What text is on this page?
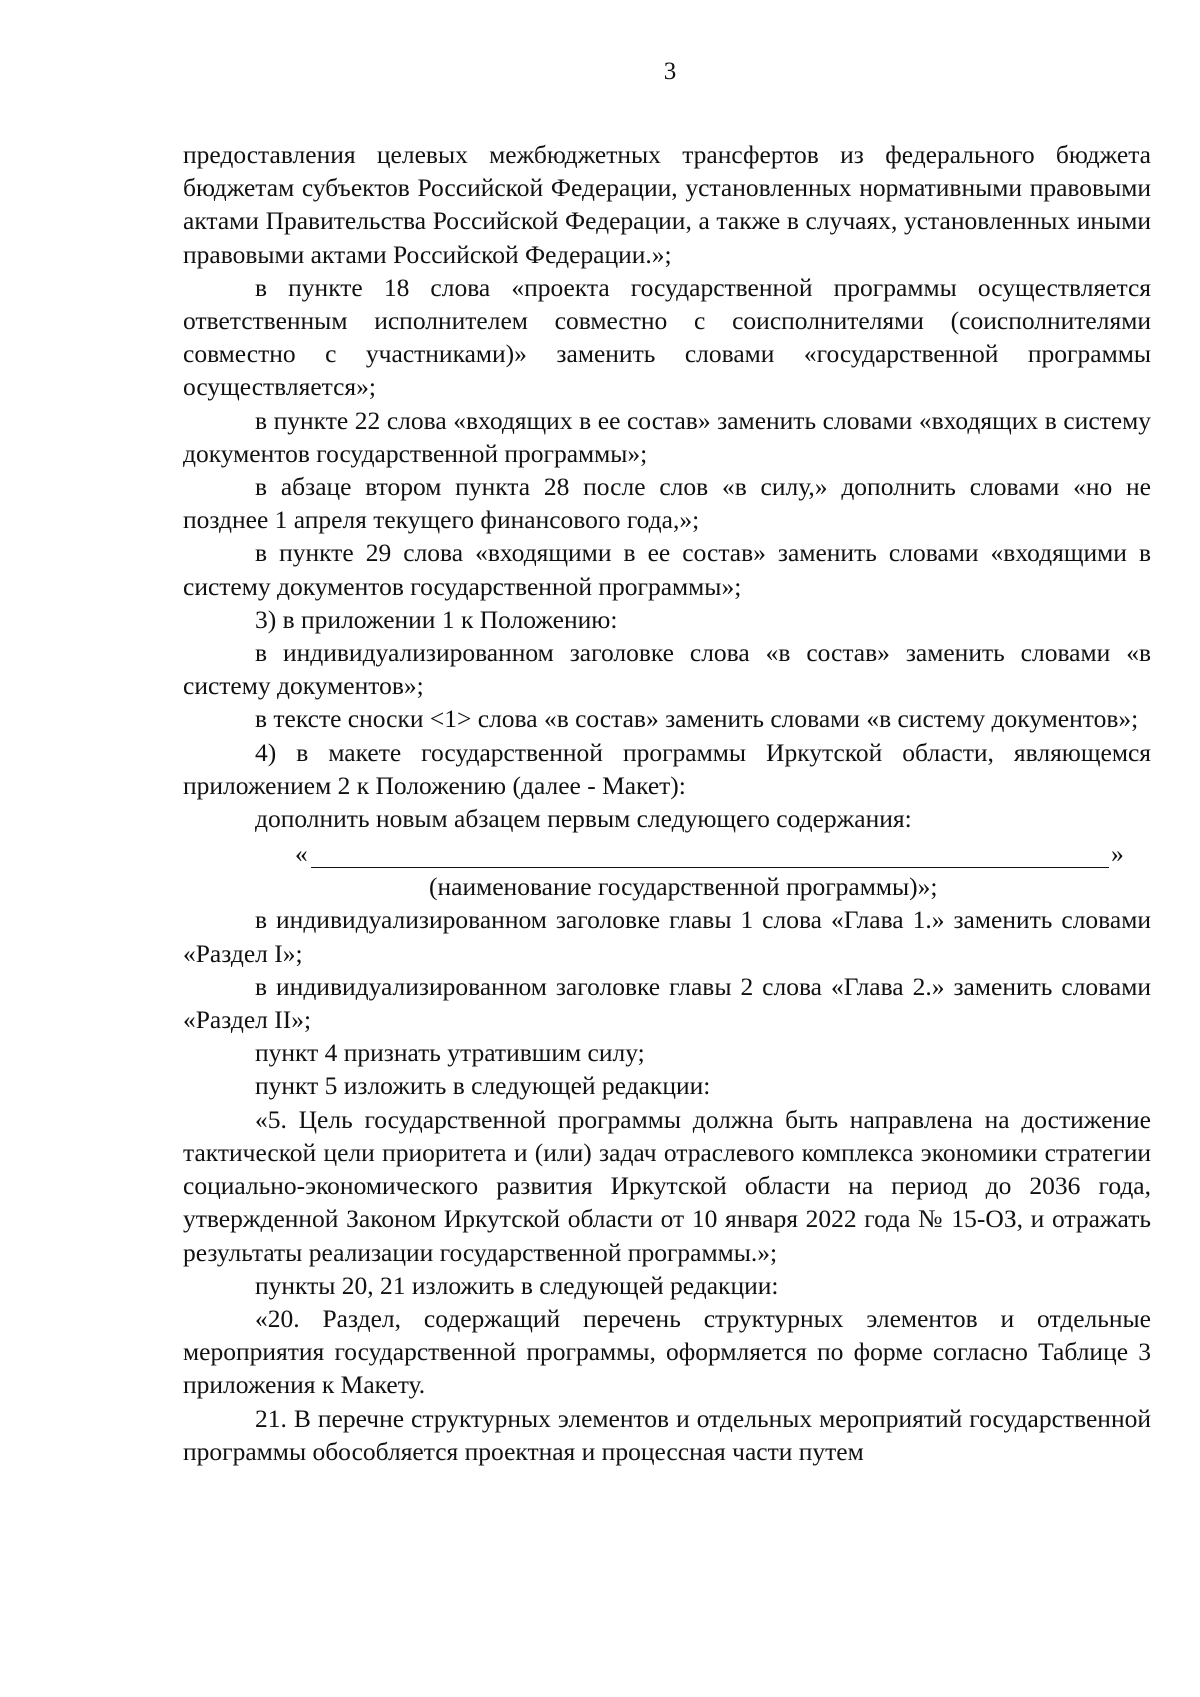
3

предоставления целевых межбюджетных трансфертов из федерального бюджета бюджетам субъектов Российской Федерации, установленных нормативными правовыми актами Правительства Российской Федерации, а также в случаях, установленных иными правовыми актами Российской Федерации.»;

в пункте 18 слова «проекта государственной программы осуществляется ответственным исполнителем совместно с соисполнителями (соисполнителями совместно с участниками)» заменить словами «государственной программы осуществляется»;

в пункте 22 слова «входящих в ее состав» заменить словами «входящих в систему документов государственной программы»;

в абзаце втором пункта 28 после слов «в силу,» дополнить словами «но не позднее 1 апреля текущего финансового года,»;

в пункте 29 слова «входящими в ее состав» заменить словами «входящими в систему документов государственной программы»;

3) в приложении 1 к Положению:

в индивидуализированном заголовке слова «в состав» заменить словами «в систему документов»;

в тексте сноски <1> слова «в состав» заменить словами «в систему документов»;

4) в макете государственной программы Иркутской области, являющемся приложением 2 к Положению (далее - Макет):

дополнить новым абзацем первым следующего содержания:

«	»

(наименование государственной программы)»;

в индивидуализированном заголовке главы 1 слова «Глава 1.» заменить словами «Раздел I»;

в индивидуализированном заголовке главы 2 слова «Глава 2.» заменить словами «Раздел II»;

пункт 4 признать утратившим силу;

пункт 5 изложить в следующей редакции:

«5. Цель государственной программы должна быть направлена на достижение тактической цели приоритета и (или) задач отраслевого комплекса экономики стратегии социально-экономического развития Иркутской области на период до 2036 года, утвержденной Законом Иркутской области от 10 января 2022 года № 15-ОЗ, и отражать результаты реализации государственной программы.»;

пункты 20, 21 изложить в следующей редакции:

«20. Раздел, содержащий перечень структурных элементов и отдельные мероприятия государственной программы, оформляется по форме согласно Таблице 3 приложения к Макету.

21. В перечне структурных элементов и отдельных мероприятий государственной программы обособляется проектная и процессная части путем
